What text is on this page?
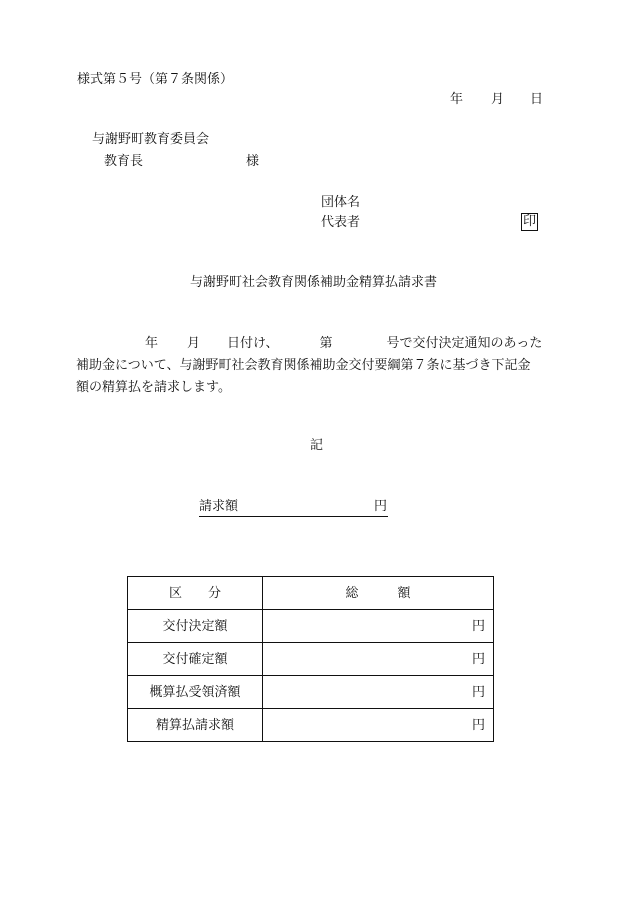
様式第５号（第７条関係）
年 月 日
与謝野町教育委員会
教育長	様
団体名
代表者	印
与謝野町社会教育関係補助金精算払請求書
年 月 日付け、	第	号で交付決定通知のあった
補助金について、与謝野町社会教育関係補助金交付要綱第７条に基づき下記金
額の精算払を請求します。
記
請求額	円
区　　分	総　　　額
交付決定額	円
交付確定額	円
概算払受領済額	円
精算払請求額	円
